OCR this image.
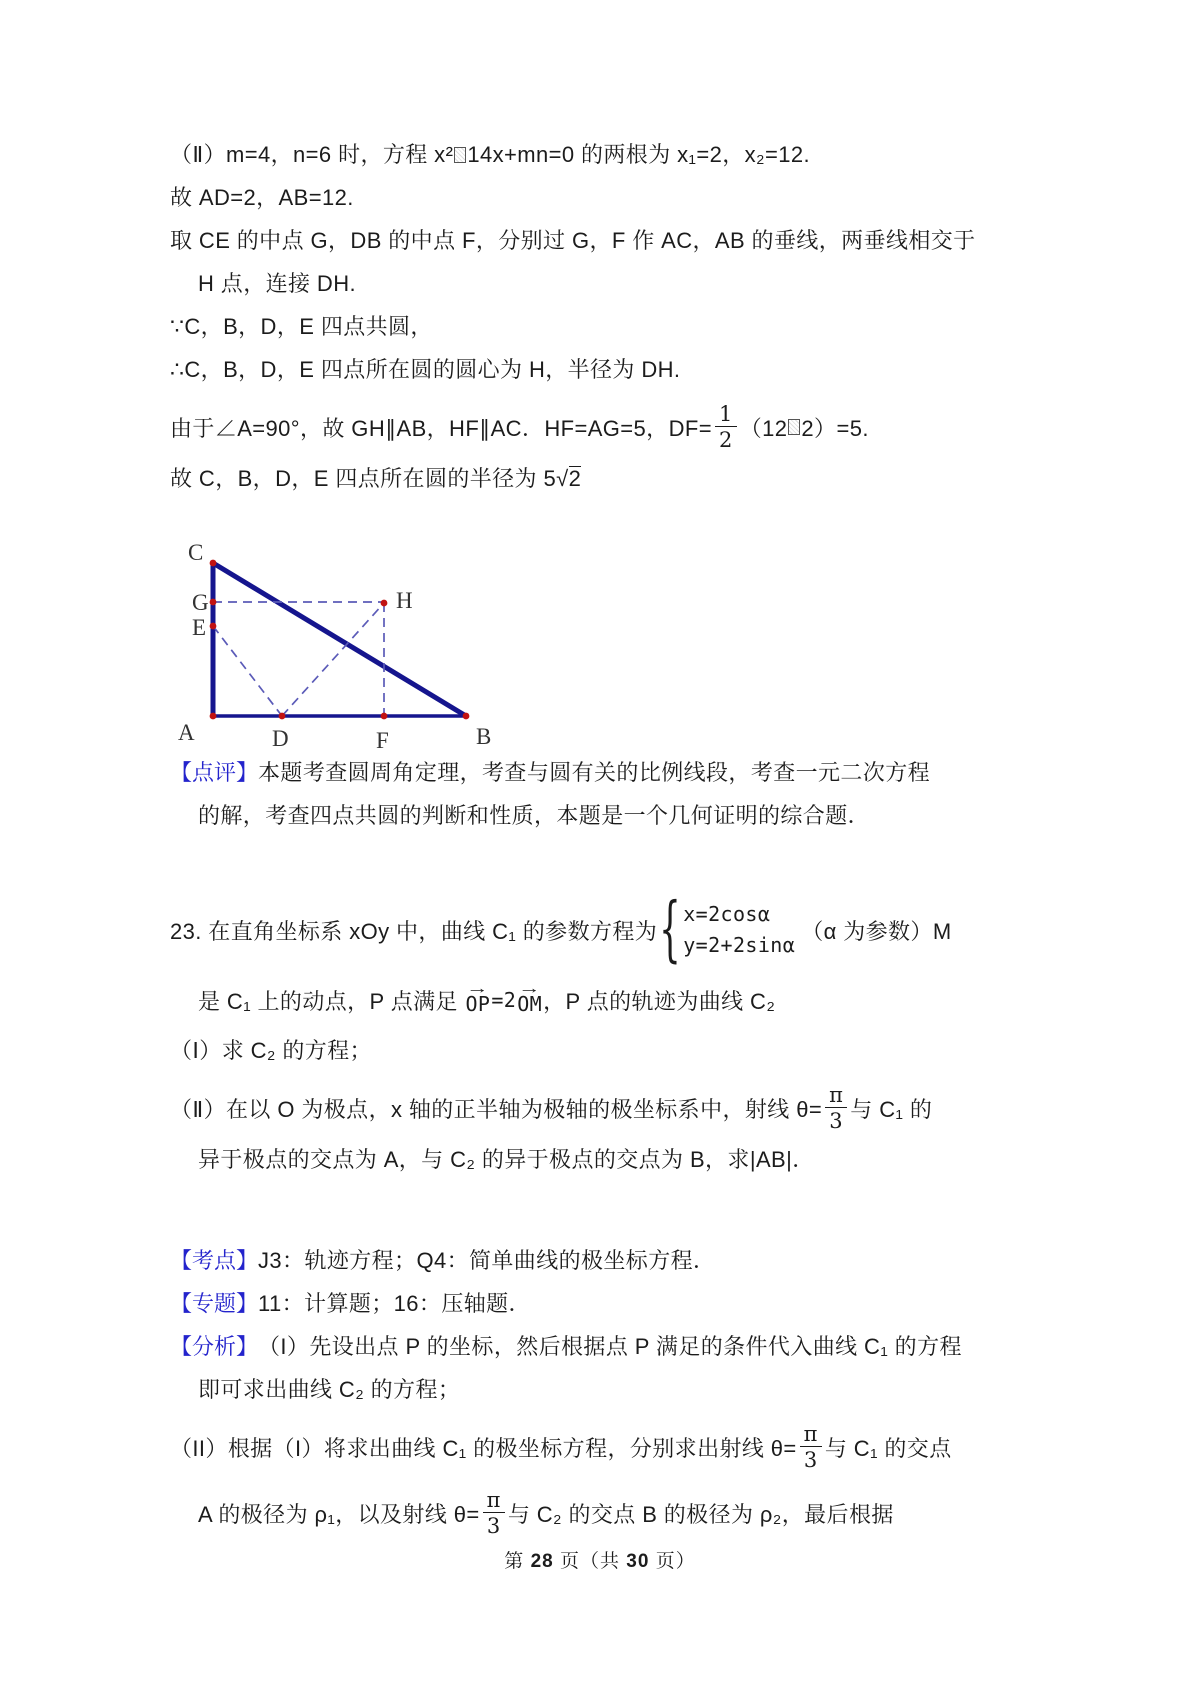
（Ⅱ）m=4，n=6 时，方程 x² 14x+mn=0 的两根为 x₁=2，x₂=12.
故 AD=2，AB=12.
取 CE 的中点 G，DB 的中点 F，分别过 G，F 作 AC，AB 的垂线，两垂线相交于
H 点，连接 DH.
∵C，B，D，E 四点共圆，
∴C，B，D，E 四点所在圆的圆心为 H，半径为 DH.
由于∠A=90°，故 GH∥AB，HF∥AC．HF=AG=5，$DF= \frac{1}{2} (12$ 2）=5.
故 C，B，D，E 四点所在圆的半径为 5√2
C
G
E
A	D	F	B
H
【点评】本题考查圆周角定理，考查与圆有关的比例线段，考查一元二次方程
的解，考查四点共圆的判断和性质，本题是一个几何证明的综合题．
23. 在直角坐标系 xOy 中，曲线 C₁ 的参数方程为 { x=2cosα
y=2+2sinα
（α 为参数）M
是 C₁ 上的动点，P 点满足
→
OP =2 →
OM ，P 点的轨迹为曲线 C₂
（Ⅰ）求 C₂ 的方程；
（Ⅱ）在以 O 为极点，x 轴的正半轴为极轴的极坐标系中，射线 $\theta= \frac{\pi}{3}$ 与 C₁ 的
异于极点的交点为 A，与 C₂ 的异于极点的交点为 B，求|AB|．
【考点】J3：轨迹方程；Q4：简单曲线的极坐标方程．
【专题】11：计算题；16：压轴题．
【分析】（I）先设出点 P 的坐标，然后根据点 P 满足的条件代入曲线 C₁ 的方程
即可求出曲线 C₂ 的方程；
（II）根据（I）将求出曲线 C₁ 的极坐标方程，分别求出射线 $\theta= \frac{\pi}{3}$ 与 C₁ 的交点
A 的极径为 ρ₁，以及射线 $\theta= \frac{\pi}{3}$ 与 C₂ 的交点 B 的极径为 ρ₂，最后根据
第 28 页（共 30 页）
